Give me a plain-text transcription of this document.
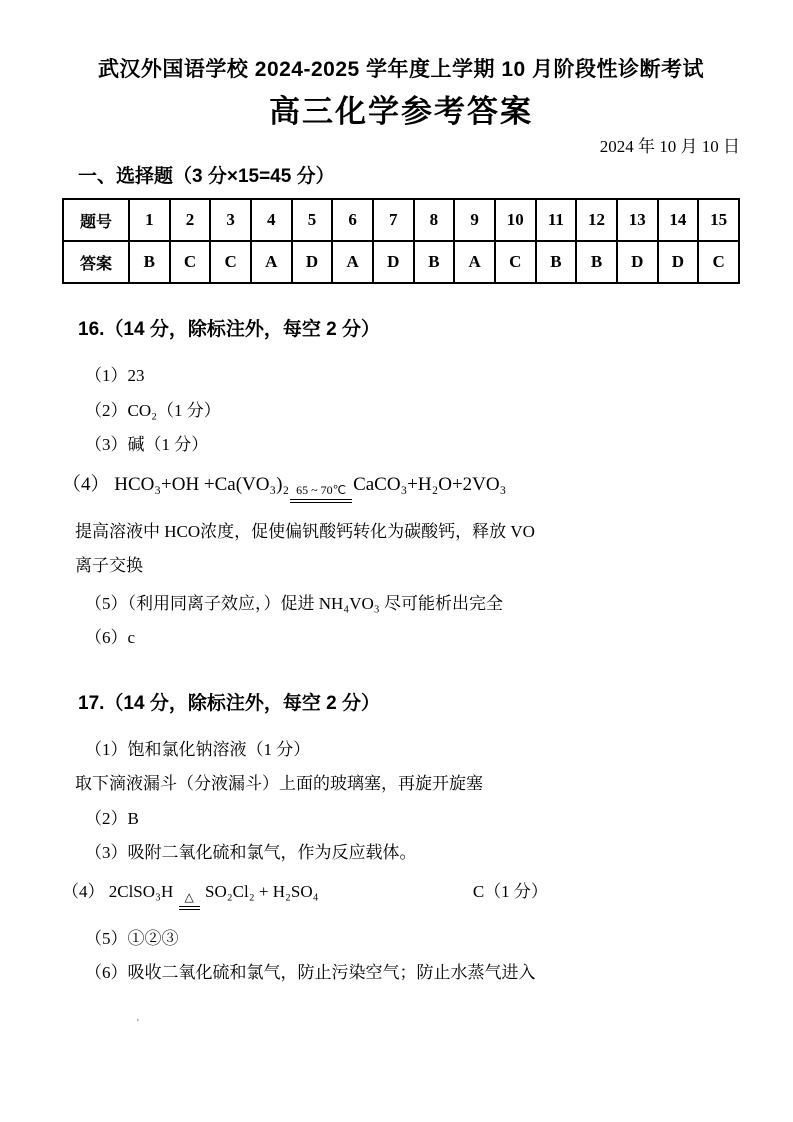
武汉外国语学校 2024-2025 学年度上学期 10 月阶段性诊断考试
高三化学参考答案
2024 年 10 月 10 日
一、选择题（3 分×15=45 分）
题号	1	2	3	4	5	6	7	8	9	10	11	12	13	14	15
答案	B	C	C	A	D	A	D	B	A	C	B	B	D	D	C
16.（14 分，除标注外，每空 2 分）
（1）23
（2）CO₂（1 分）
（3）碱（1 分）
（4） HCO₃+OH +Ca(VO₃)₂ 65 ~ 70℃ CaCO₃+H₂O+2VO₃
提高溶液中 HCO浓度，促使偏钒酸钙转化为碳酸钙，释放 VO
离子交换
（5）（利用同离子效应，）促进 NH₄VO₃ 尽可能析出完全
（6）c
17.（14 分，除标注外，每空 2 分）
（1）饱和氯化钠溶液（1 分）
取下滴液漏斗（分液漏斗）上面的玻璃塞，再旋开旋塞
（2）B
（3）吸附二氧化硫和氯气，作为反应载体。
（4） 2ClSO₃H △ SO₂Cl₂ + H₂SO₄	C（1 分）
（5）①②③
（6）吸收二氧化硫和氯气，防止污染空气；防止水蒸气进入
'
